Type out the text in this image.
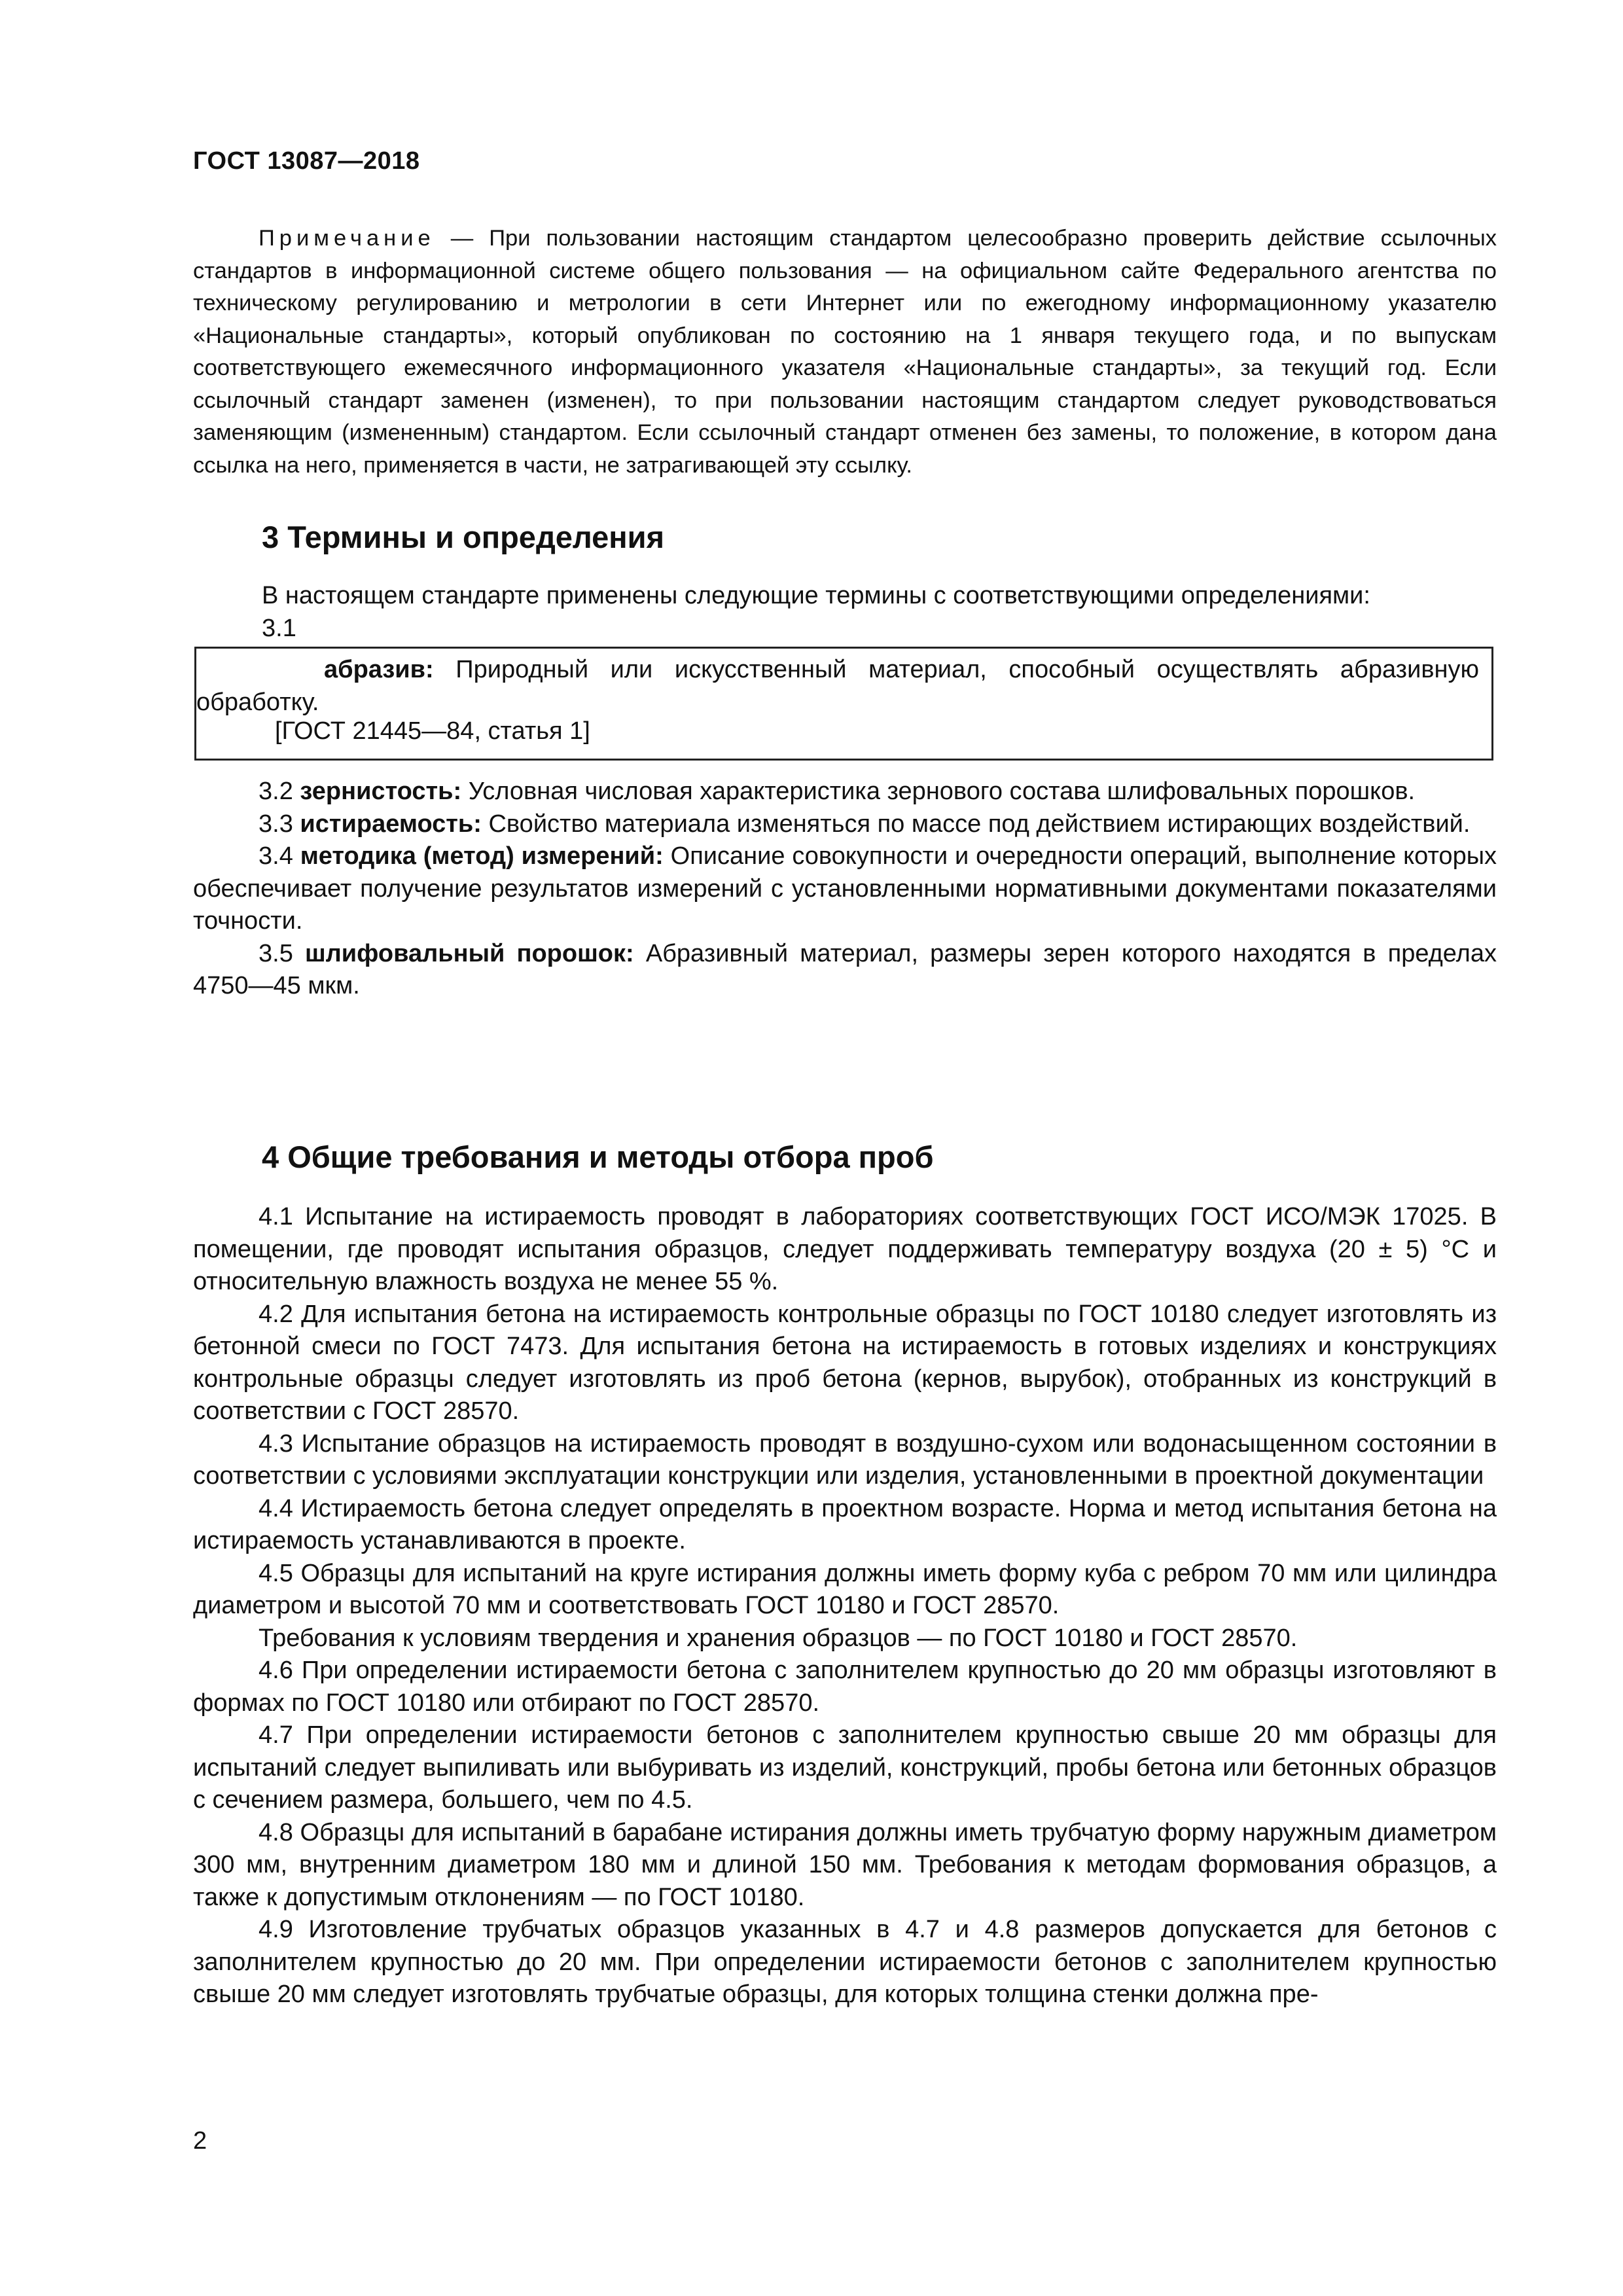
ГОСТ 13087—2018
Примечание — При пользовании настоящим стандартом целесообразно проверить действие ссылочных стандартов в информационной системе общего пользования — на официальном сайте Федерального агентства по техническому регулированию и метрологии в сети Интернет или по ежегодному информационному указателю «Национальные стандарты», который опубликован по состоянию на 1 января текущего года, и по выпускам соответствующего ежемесячного информационного указателя «Национальные стандарты», за текущий год. Если ссылочный стандарт заменен (изменен), то при пользовании настоящим стандартом следует руководствоваться заменяющим (измененным) стандартом. Если ссылочный стандарт отменен без замены, то положение, в котором дана ссылка на него, применяется в части, не затрагивающей эту ссылку.
3 Термины и определения
В настоящем стандарте применены следующие термины с соответствующими определениями:
3.1
абразив: Природный или искусственный материал, способный осуществлять абразивную обработку.
[ГОСТ 21445—84, статья 1]

3.2 зернистость: Условная числовая характеристика зернового состава шлифовальных порошков.

3.3 истираемость: Свойство материала изменяться по массе под действием истирающих воздействий.

3.4 методика (метод) измерений: Описание совокупности и очередности операций, выполнение которых обеспечивает получение результатов измерений с установленными нормативными документами показателями точности.

3.5 шлифовальный порошок: Абразивный материал, размеры зерен которого находятся в пределах 4750—45 мкм.

4 Общие требования и методы отбора проб

4.1 Испытание на истираемость проводят в лабораториях соответствующих ГОСТ ИСО/МЭК 17025. В помещении, где проводят испытания образцов, следует поддерживать температуру воздуха (20 ± 5) °С и относительную влажность воздуха не менее 55 %.

4.2 Для испытания бетона на истираемость контрольные образцы по ГОСТ 10180 следует изготовлять из бетонной смеси по ГОСТ 7473. Для испытания бетона на истираемость в готовых изделиях и конструкциях контрольные образцы следует изготовлять из проб бетона (кернов, вырубок), отобранных из конструкций в соответствии с ГОСТ 28570.

4.3 Испытание образцов на истираемость проводят в воздушно-сухом или водонасыщенном состоянии в соответствии с условиями эксплуатации конструкции или изделия, установленными в проектной документации

4.4 Истираемость бетона следует определять в проектном возрасте. Норма и метод испытания бетона на истираемость устанавливаются в проекте.

4.5 Образцы для испытаний на круге истирания должны иметь форму куба с ребром 70 мм или цилиндра диаметром и высотой 70 мм и соответствовать ГОСТ 10180 и ГОСТ 28570.

Требования к условиям твердения и хранения образцов — по ГОСТ 10180 и ГОСТ 28570.

4.6 При определении истираемости бетона с заполнителем крупностью до 20 мм образцы изготовляют в формах по ГОСТ 10180 или отбирают по ГОСТ 28570.

4.7 При определении истираемости бетонов с заполнителем крупностью свыше 20 мм образцы для испытаний следует выпиливать или выбуривать из изделий, конструкций, пробы бетона или бетонных образцов с сечением размера, большего, чем по 4.5.

4.8 Образцы для испытаний в барабане истирания должны иметь трубчатую форму наружным диаметром 300 мм, внутренним диаметром 180 мм и длиной 150 мм. Требования к методам формования образцов, а также к допустимым отклонениям — по ГОСТ 10180.

4.9 Изготовление трубчатых образцов указанных в 4.7 и 4.8 размеров допускается для бетонов с заполнителем крупностью до 20 мм. При определении истираемости бетонов с заполнителем крупностью свыше 20 мм следует изготовлять трубчатые образцы, для которых толщина стенки должна пре-

2
